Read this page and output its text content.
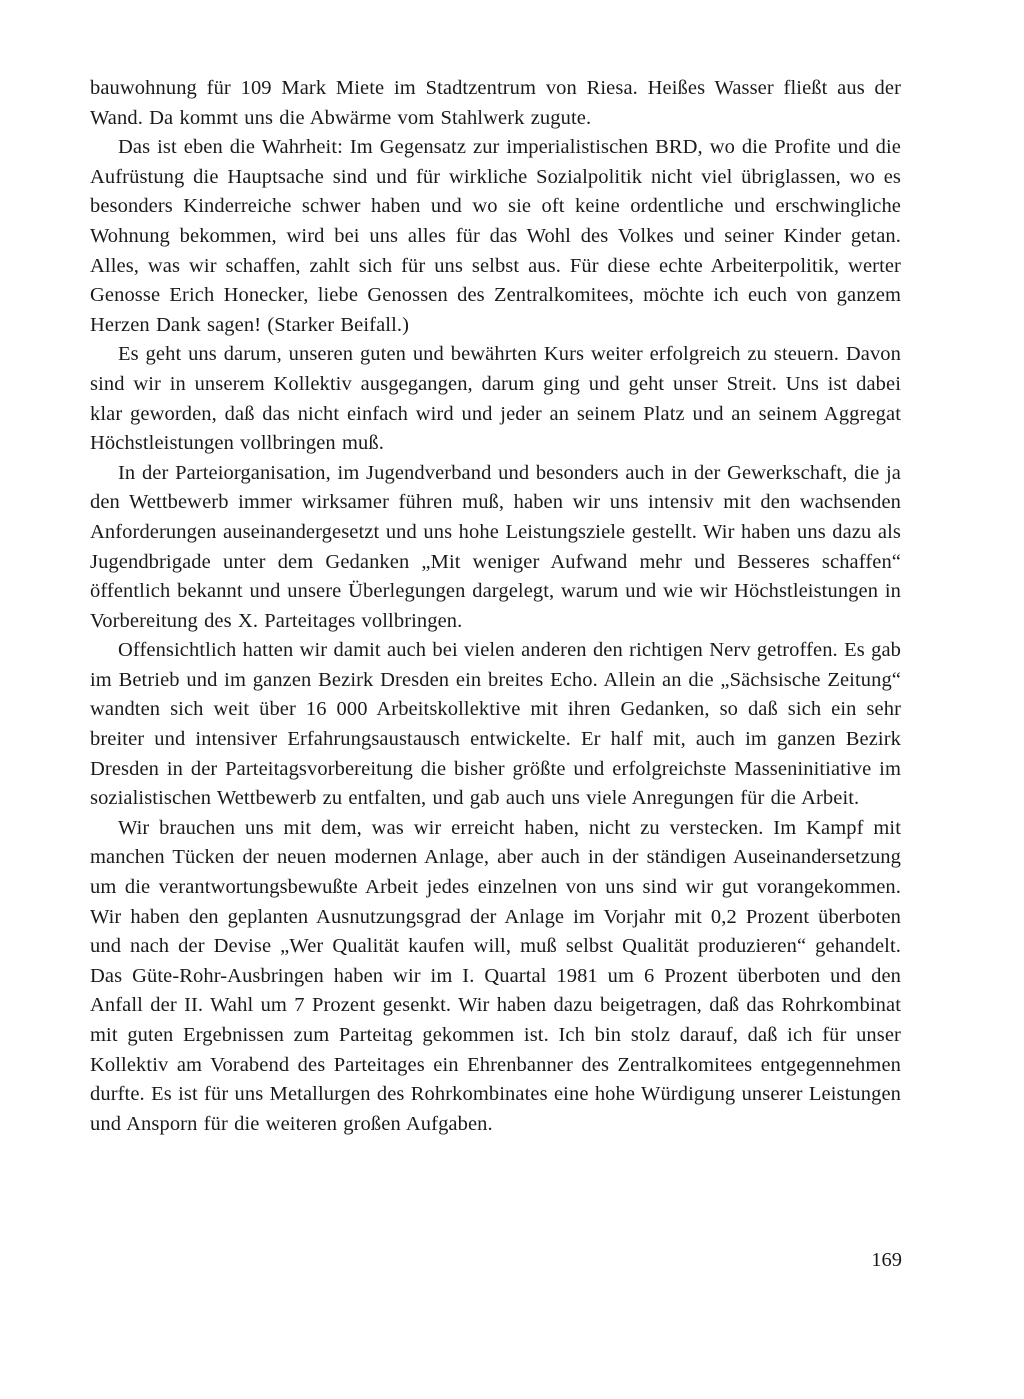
bauwohnung für 109 Mark Miete im Stadtzentrum von Riesa. Heißes Wasser fließt aus der Wand. Da kommt uns die Abwärme vom Stahlwerk zugute.

Das ist eben die Wahrheit: Im Gegensatz zur imperialistischen BRD, wo die Profite und die Aufrüstung die Hauptsache sind und für wirkliche Sozialpolitik nicht viel übriglassen, wo es besonders Kinderreiche schwer haben und wo sie oft keine ordentliche und erschwingliche Wohnung bekommen, wird bei uns alles für das Wohl des Volkes und seiner Kinder getan. Alles, was wir schaffen, zahlt sich für uns selbst aus. Für diese echte Arbeiterpolitik, werter Genosse Erich Honecker, liebe Genossen des Zentralkomitees, möchte ich euch von ganzem Herzen Dank sagen! (Starker Beifall.)

Es geht uns darum, unseren guten und bewährten Kurs weiter erfolgreich zu steuern. Davon sind wir in unserem Kollektiv ausgegangen, darum ging und geht unser Streit. Uns ist dabei klar geworden, daß das nicht einfach wird und jeder an seinem Platz und an seinem Aggregat Höchstleistungen vollbringen muß.

In der Parteiorganisation, im Jugendverband und besonders auch in der Gewerkschaft, die ja den Wettbewerb immer wirksamer führen muß, haben wir uns intensiv mit den wachsenden Anforderungen auseinandergesetzt und uns hohe Leistungsziele gestellt. Wir haben uns dazu als Jugendbrigade unter dem Gedanken „Mit weniger Aufwand mehr und Besseres schaffen“ öffentlich bekannt und unsere Überlegungen dargelegt, warum und wie wir Höchstleistungen in Vorbereitung des X. Parteitages vollbringen.

Offensichtlich hatten wir damit auch bei vielen anderen den richtigen Nerv getroffen. Es gab im Betrieb und im ganzen Bezirk Dresden ein breites Echo. Allein an die „Sächsische Zeitung“ wandten sich weit über 16 000 Arbeitskollektive mit ihren Gedanken, so daß sich ein sehr breiter und intensiver Erfahrungsaustausch entwickelte. Er half mit, auch im ganzen Bezirk Dresden in der Parteitagsvorbereitung die bisher größte und erfolgreichste Masseninitiative im sozialistischen Wettbewerb zu entfalten, und gab auch uns viele Anregungen für die Arbeit.

Wir brauchen uns mit dem, was wir erreicht haben, nicht zu verstecken. Im Kampf mit manchen Tücken der neuen modernen Anlage, aber auch in der ständigen Auseinandersetzung um die verantwortungsbewußte Arbeit jedes einzelnen von uns sind wir gut vorangekommen. Wir haben den geplanten Ausnutzungsgrad der Anlage im Vorjahr mit 0,2 Prozent überboten und nach der Devise „Wer Qualität kaufen will, muß selbst Qualität produzieren“ gehandelt. Das Güte-Rohr-Ausbringen haben wir im I. Quartal 1981 um 6 Prozent überboten und den Anfall der II. Wahl um 7 Prozent gesenkt. Wir haben dazu beigetragen, daß das Rohrkombinat mit guten Ergebnissen zum Parteitag gekommen ist. Ich bin stolz darauf, daß ich für unser Kollektiv am Vorabend des Parteitages ein Ehrenbanner des Zentralkomitees entgegennehmen durfte. Es ist für uns Metallurgen des Rohrkombinates eine hohe Würdigung unserer Leistungen und Ansporn für die weiteren großen Aufgaben.

169
